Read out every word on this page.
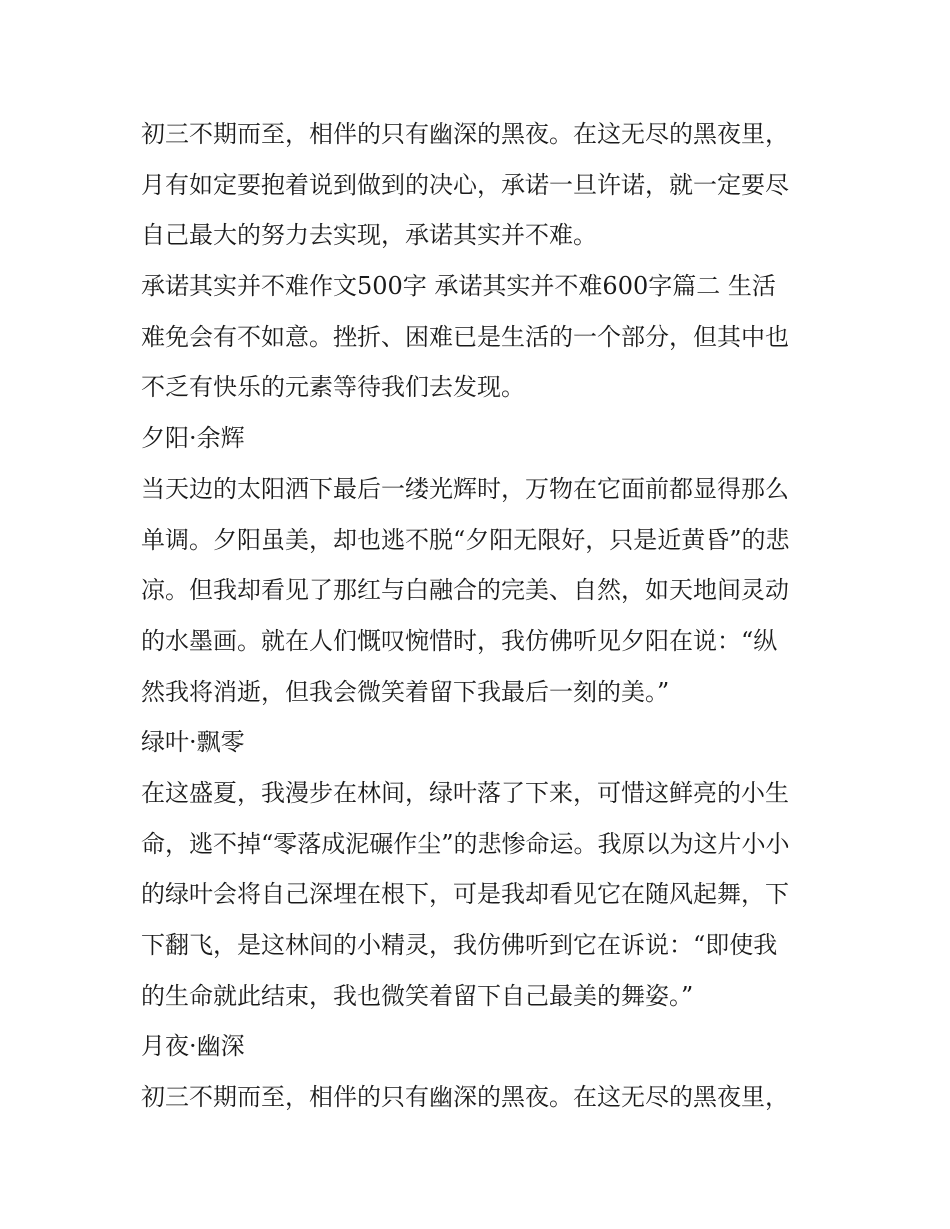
初三不期而至，相伴的只有幽深的黑夜。在这无尽的黑夜里，
月有如定要抱着说到做到的决心，承诺一旦许诺，就一定要尽
自己最大的努力去实现，承诺其实并不难。
承诺其实并不难作文500字 承诺其实并不难600字篇二 生活
难免会有不如意。挫折、困难已是生活的一个部分，但其中也
不乏有快乐的元素等待我们去发现。
夕阳·余辉
当天边的太阳洒下最后一缕光辉时，万物在它面前都显得那么
单调。夕阳虽美，却也逃不脱“夕阳无限好，只是近黄昏”的悲
凉。但我却看见了那红与白融合的完美、自然，如天地间灵动
的水墨画。就在人们慨叹惋惜时，我仿佛听见夕阳在说：“纵
然我将消逝，但我会微笑着留下我最后一刻的美。”
绿叶·飘零
在这盛夏，我漫步在林间，绿叶落了下来，可惜这鲜亮的小生
命，逃不掉“零落成泥碾作尘”的悲惨命运。我原以为这片小小
的绿叶会将自己深埋在根下，可是我却看见它在随风起舞，下
下翻飞，是这林间的小精灵，我仿佛听到它在诉说：“即使我
的生命就此结束，我也微笑着留下自己最美的舞姿。”
月夜·幽深
初三不期而至，相伴的只有幽深的黑夜。在这无尽的黑夜里，
